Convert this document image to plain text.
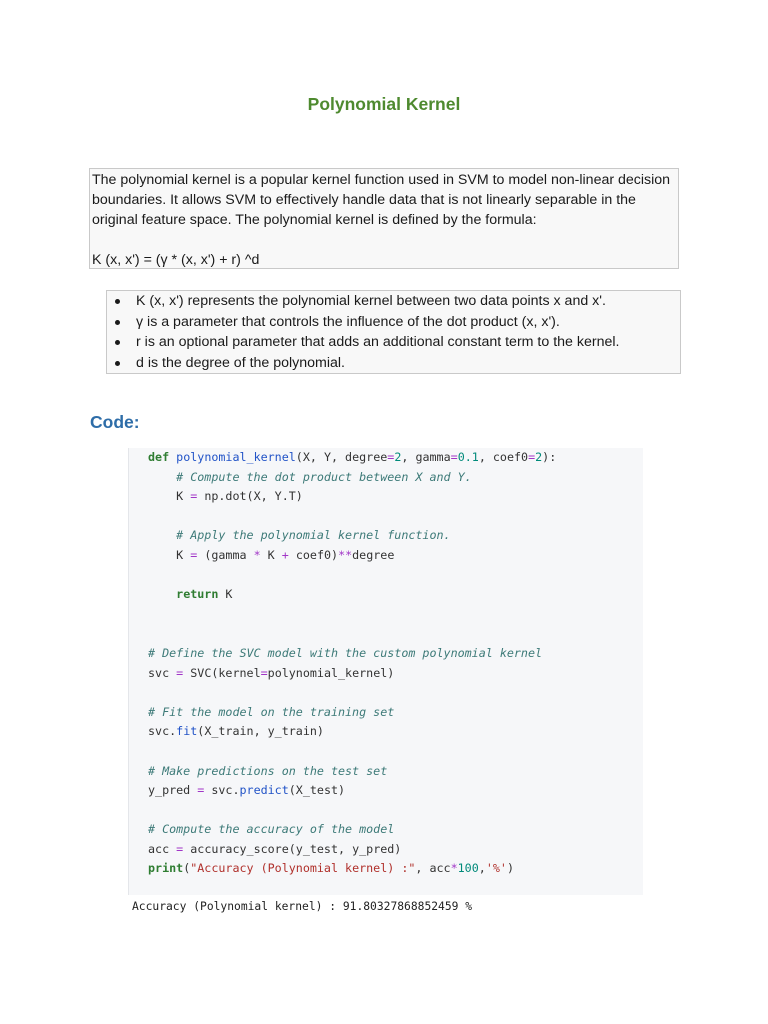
Polynomial Kernel

The polynomial kernel is a popular kernel function used in SVM to model non-linear decision boundaries. It allows SVM to effectively handle data that is not linearly separable in the original feature space. The polynomial kernel is defined by the formula:

K (x, x') = (γ * (x, x') + r) ^d

K (x, x') represents the polynomial kernel between two data points x and x'.
γ is a parameter that controls the influence of the dot product (x, x').
r is an optional parameter that adds an additional constant term to the kernel.
d is the degree of the polynomial.
Code:
def polynomial_kernel(X, Y, degree=2, gamma=0.1, coef0=2):
# Compute the dot product between X and Y.
K = np.dot(X, Y.T)

# Apply the polynomial kernel function.
K = (gamma * K + coef0)**degree

return K

# Define the SVC model with the custom polynomial kernel
svc = SVC(kernel=polynomial_kernel)

# Fit the model on the training set
svc.fit(X_train, y_train)

# Make predictions on the test set
y_pred = svc.predict(X_test)

# Compute the accuracy of the model
acc = accuracy_score(y_test, y_pred)
print("Accuracy (Polynomial kernel) :", acc*100,'%')
Accuracy (Polynomial kernel) : 91.80327868852459 %
